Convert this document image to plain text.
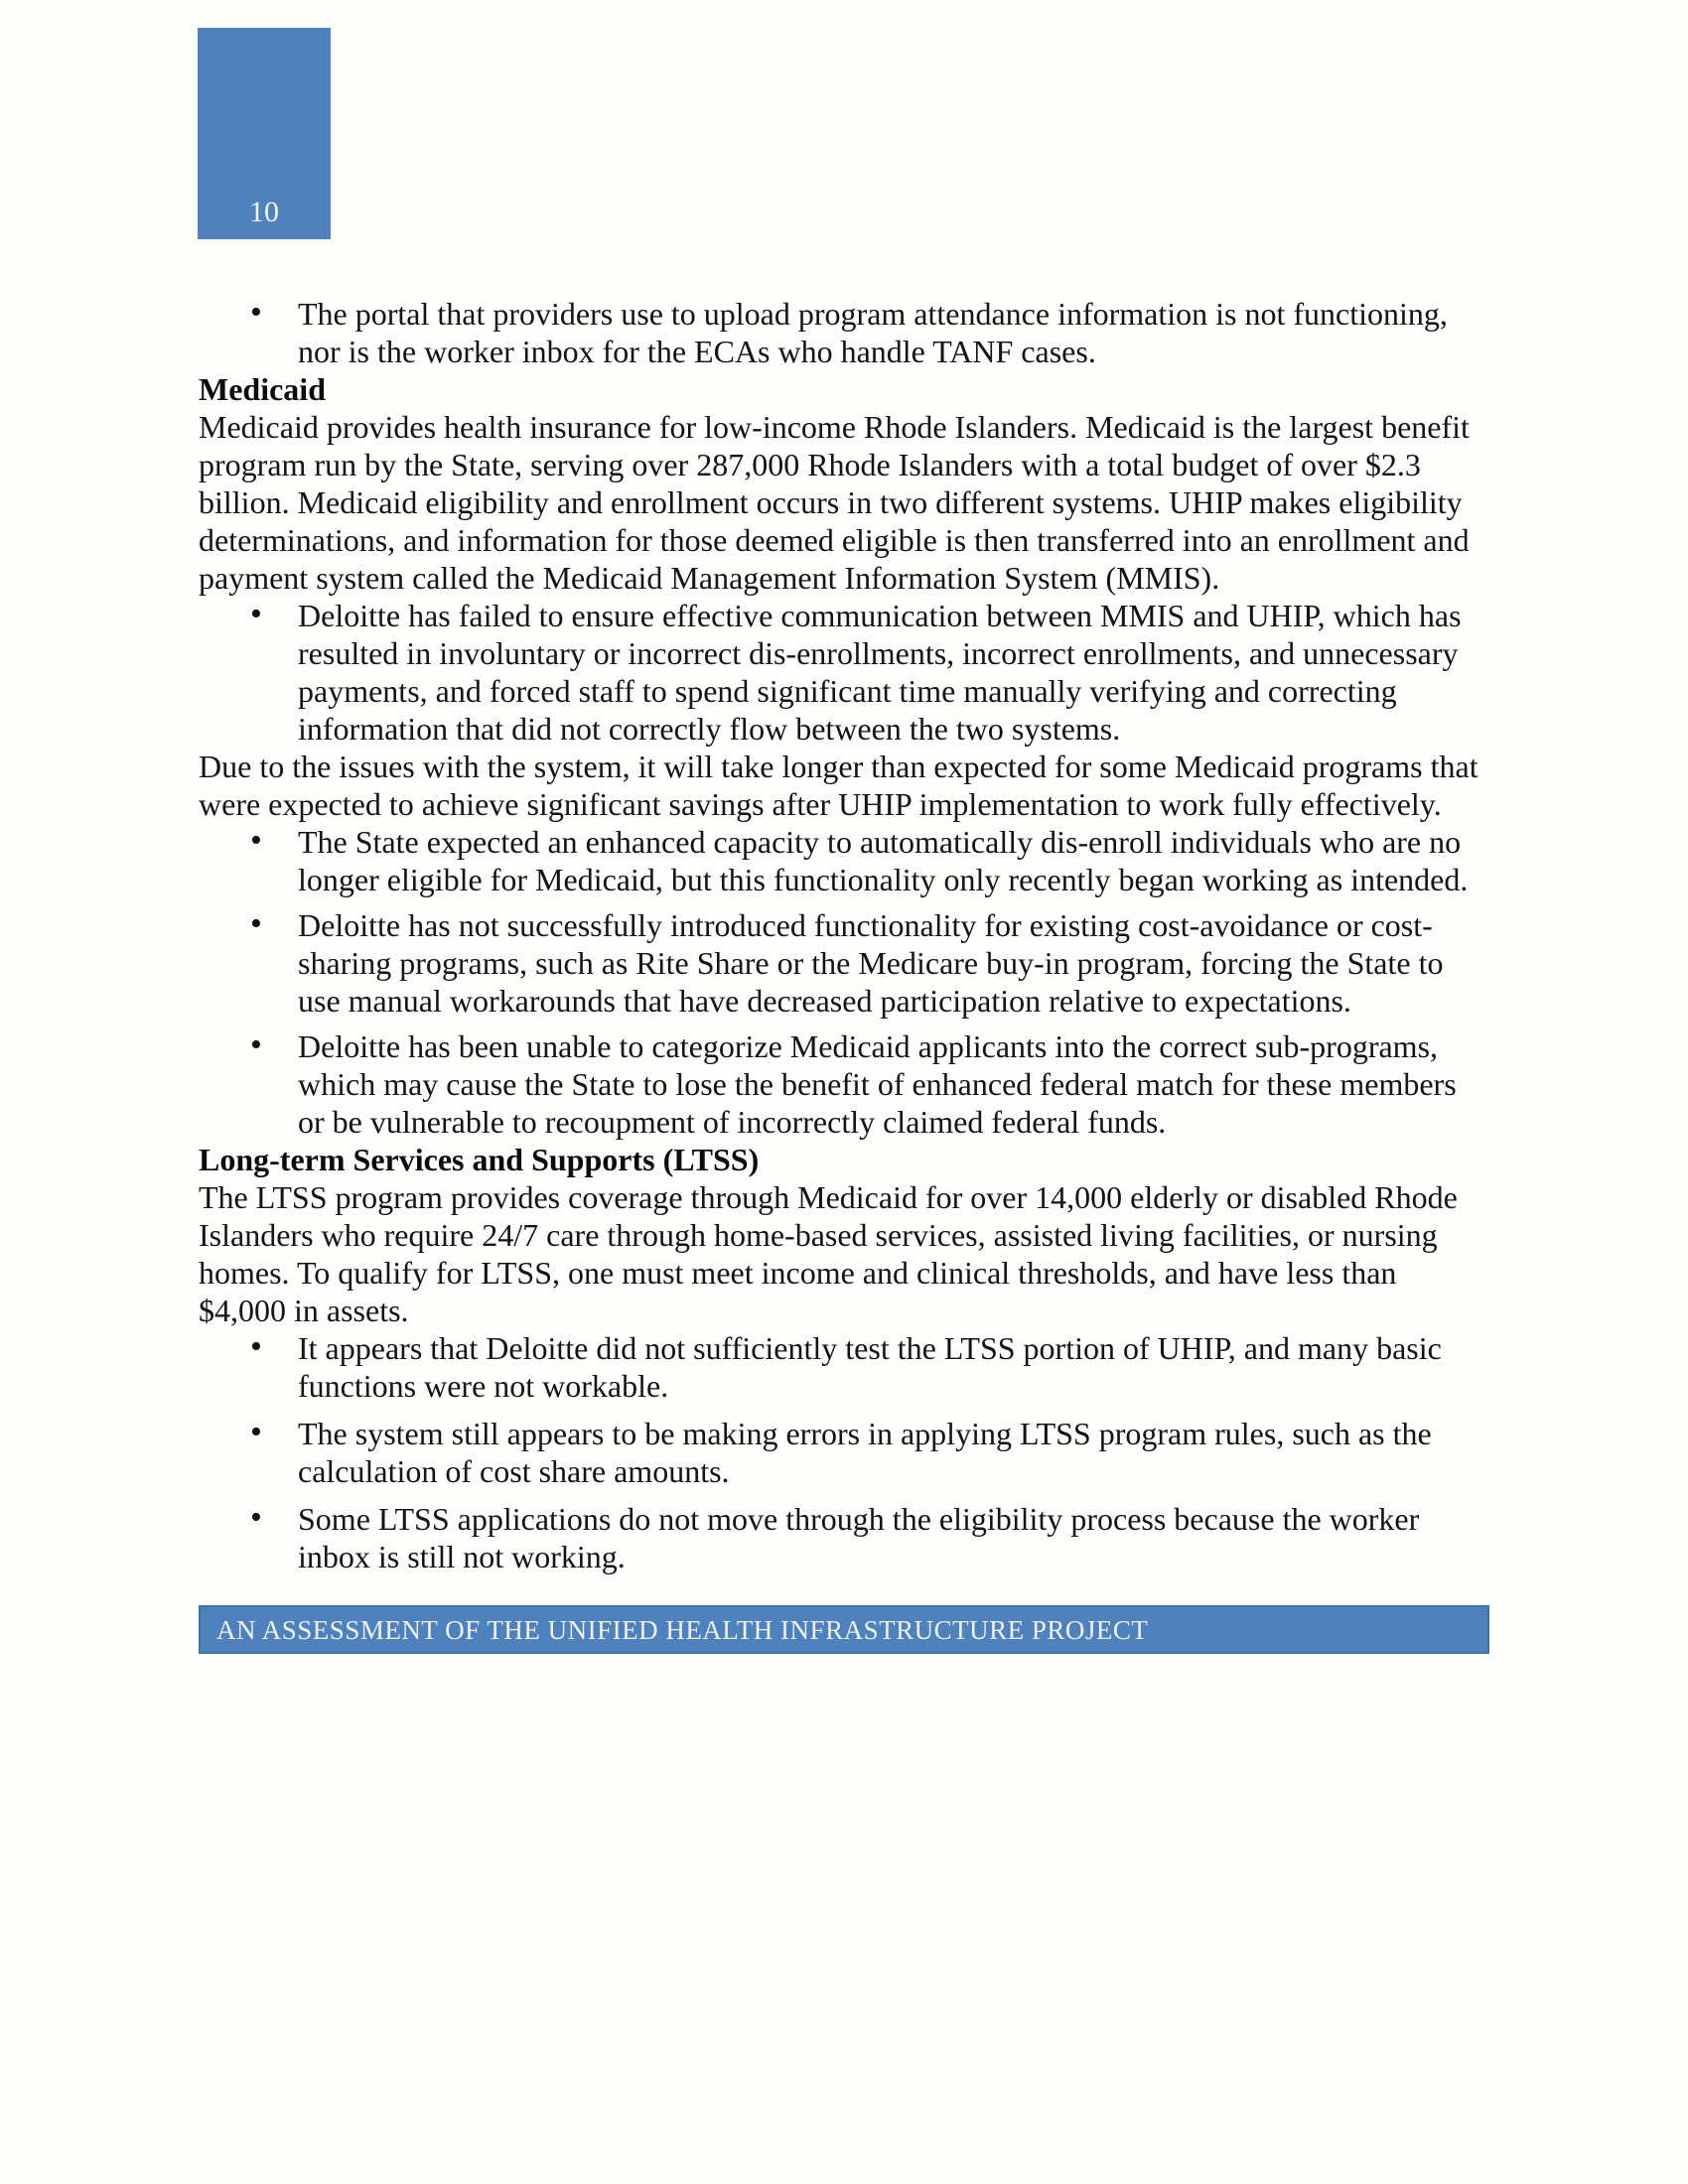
10
• The portal that providers use to upload program attendance information is not functioning, nor is the worker inbox for the ECAs who handle TANF cases.
Medicaid

Medicaid provides health insurance for low-income Rhode Islanders. Medicaid is the largest benefit program run by the State, serving over 287,000 Rhode Islanders with a total budget of over $2.3 billion. Medicaid eligibility and enrollment occurs in two different systems. UHIP makes eligibility determinations, and information for those deemed eligible is then transferred into an enrollment and payment system called the Medicaid Management Information System (MMIS).

• Deloitte has failed to ensure effective communication between MMIS and UHIP, which has resulted in involuntary or incorrect dis-enrollments, incorrect enrollments, and unnecessary payments, and forced staff to spend significant time manually verifying and correcting information that did not correctly flow between the two systems.

Due to the issues with the system, it will take longer than expected for some Medicaid programs that were expected to achieve significant savings after UHIP implementation to work fully effectively.

• The State expected an enhanced capacity to automatically dis-enroll individuals who are no longer eligible for Medicaid, but this functionality only recently began working as intended.
• Deloitte has not successfully introduced functionality for existing cost-avoidance or cost-sharing programs, such as Rite Share or the Medicare buy-in program, forcing the State to use manual workarounds that have decreased participation relative to expectations.
• Deloitte has been unable to categorize Medicaid applicants into the correct sub-programs, which may cause the State to lose the benefit of enhanced federal match for these members or be vulnerable to recoupment of incorrectly claimed federal funds.
Long-term Services and Supports (LTSS)

The LTSS program provides coverage through Medicaid for over 14,000 elderly or disabled Rhode Islanders who require 24/7 care through home-based services, assisted living facilities, or nursing homes. To qualify for LTSS, one must meet income and clinical thresholds, and have less than $4,000 in assets.

• It appears that Deloitte did not sufficiently test the LTSS portion of UHIP, and many basic functions were not workable.
• The system still appears to be making errors in applying LTSS program rules, such as the calculation of cost share amounts.
• Some LTSS applications do not move through the eligibility process because the worker inbox is still not working.
AN ASSESSMENT OF THE UNIFIED HEALTH INFRASTRUCTURE PROJECT
